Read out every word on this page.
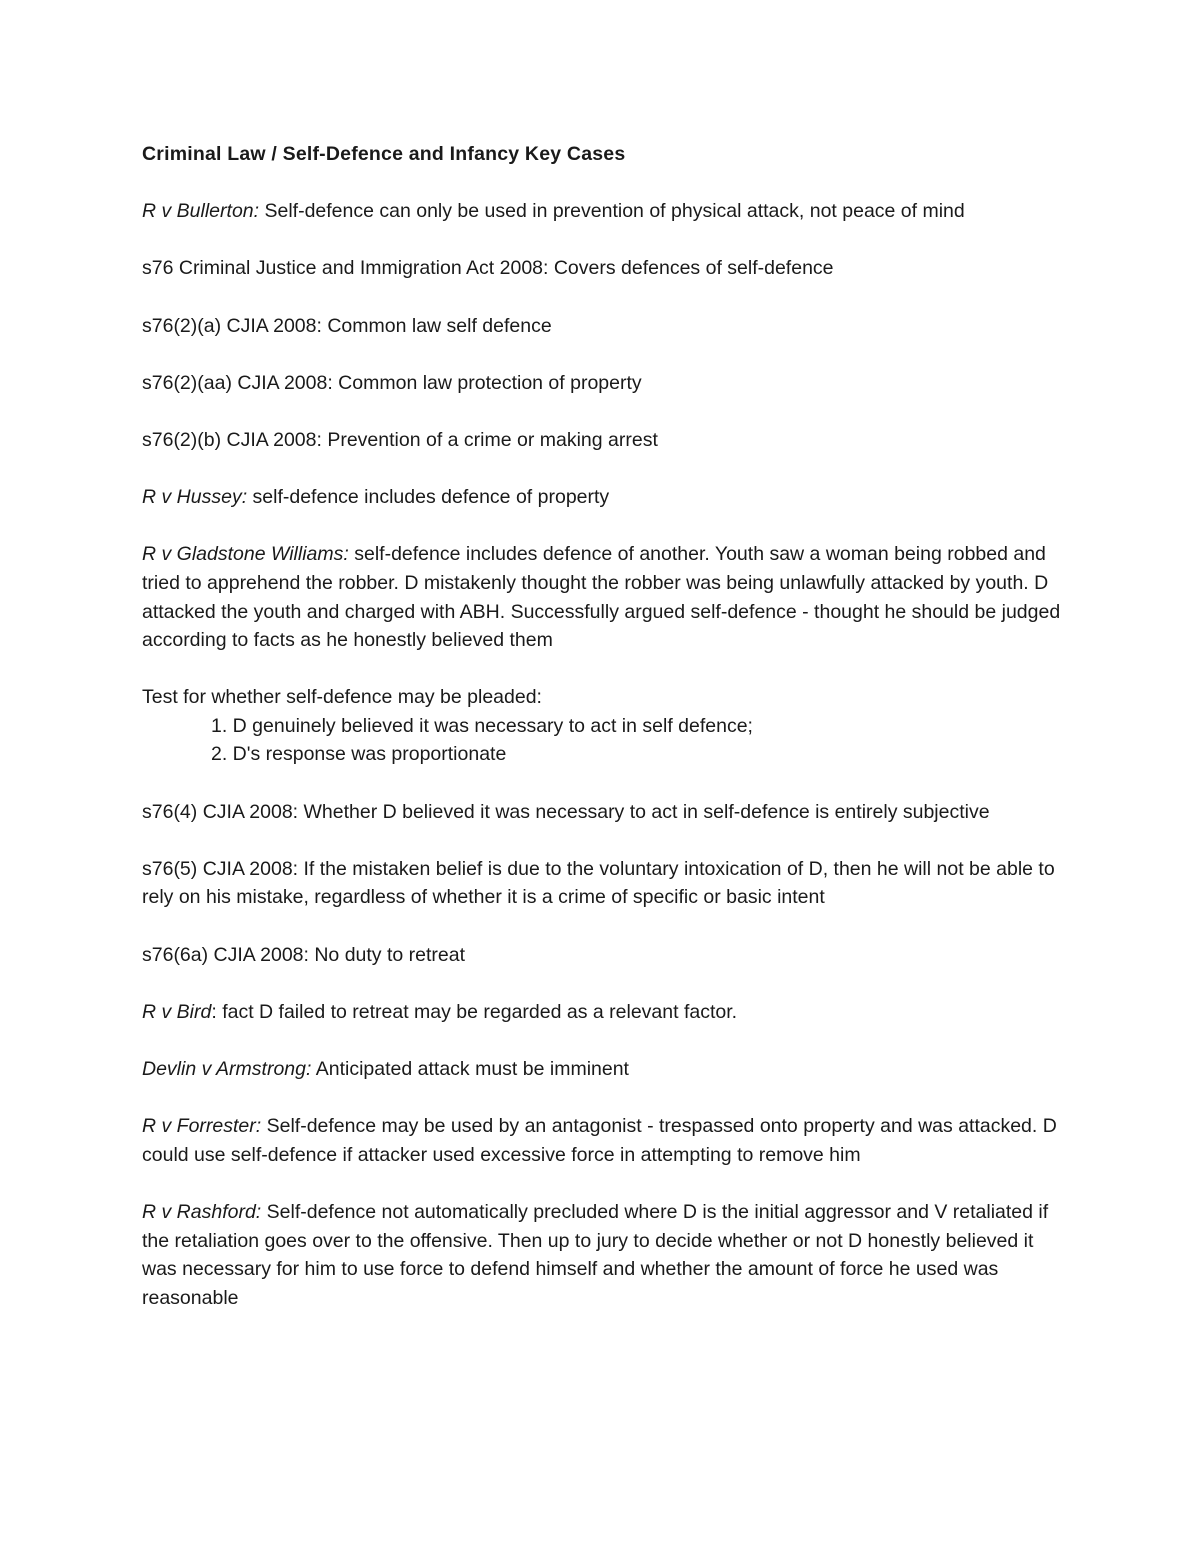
Criminal Law / Self-Defence and Infancy Key Cases

R v Bullerton: Self-defence can only be used in prevention of physical attack, not peace of mind

s76 Criminal Justice and Immigration Act 2008: Covers defences of self-defence

s76(2)(a) CJIA 2008: Common law self defence

s76(2)(aa) CJIA 2008: Common law protection of property

s76(2)(b) CJIA 2008: Prevention of a crime or making arrest

R v Hussey: self-defence includes defence of property

R v Gladstone Williams: self-defence includes defence of another. Youth saw a woman being robbed and tried to apprehend the robber. D mistakenly thought the robber was being unlawfully attacked by youth. D attacked the youth and charged with ABH. Successfully argued self-defence - thought he should be judged according to facts as he honestly believed them

Test for whether self-defence may be pleaded:

1. D genuinely believed it was necessary to act in self defence;
2. D's response was proportionate

s76(4) CJIA 2008: Whether D believed it was necessary to act in self-defence is entirely subjective

s76(5) CJIA 2008: If the mistaken belief is due to the voluntary intoxication of D, then he will not be able to rely on his mistake, regardless of whether it is a crime of specific or basic intent

s76(6a) CJIA 2008: No duty to retreat

R v Bird: fact D failed to retreat may be regarded as a relevant factor.

Devlin v Armstrong: Anticipated attack must be imminent

R v Forrester: Self-defence may be used by an antagonist - trespassed onto property and was attacked. D could use self-defence if attacker used excessive force in attempting to remove him

R v Rashford: Self-defence not automatically precluded where D is the initial aggressor and V retaliated if the retaliation goes over to the offensive. Then up to jury to decide whether or not D honestly believed it was necessary for him to use force to defend himself and whether the amount of force he used was reasonable
